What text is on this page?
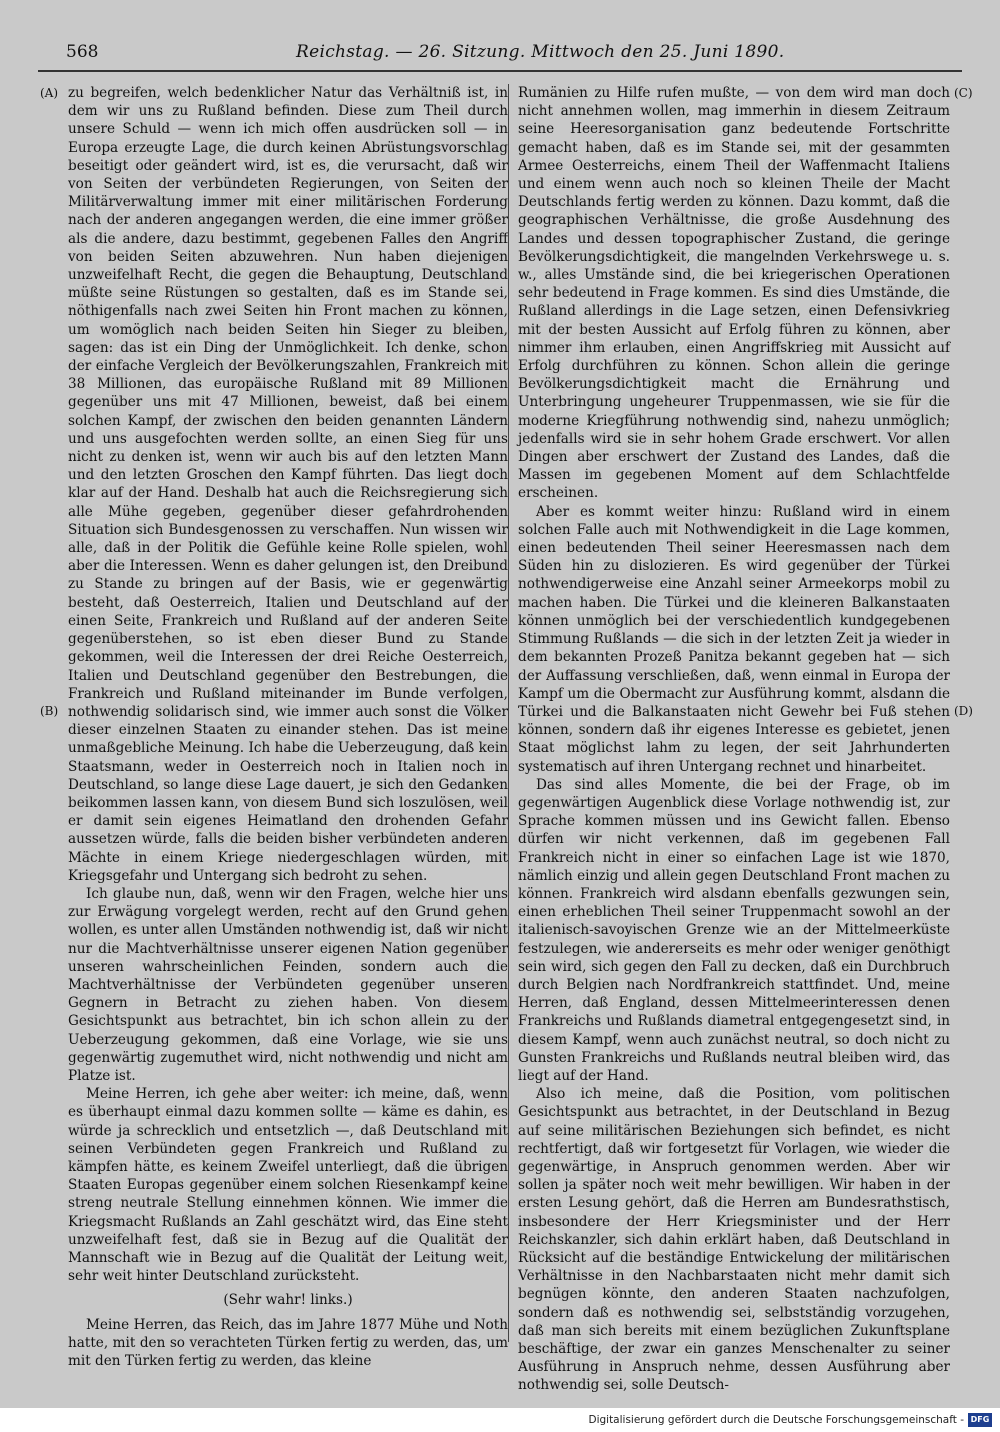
568	Reichstag. — 26. Sitzung. Mittwoch den 25. Juni 1890.
(A)
(B)
(C)
(D)

zu begreifen, welch bedenklicher Natur das Verhältniß ist, in dem wir uns zu Rußland befinden. Diese zum Theil durch unsere Schuld — wenn ich mich offen ausdrücken soll — in Europa erzeugte Lage, die durch keinen Abrüstungsvorschlag beseitigt oder geändert wird, ist es, die verursacht, daß wir von Seiten der verbündeten Regierungen, von Seiten der Militärverwaltung immer mit einer militärischen Forderung nach der anderen angegangen werden, die eine immer größer als die andere, dazu bestimmt, gegebenen Falles den Angriff von beiden Seiten abzuwehren. Nun haben diejenigen unzweifelhaft Recht, die gegen die Behauptung, Deutschland müßte seine Rüstungen so gestalten, daß es im Stande sei, nöthigenfalls nach zwei Seiten hin Front machen zu können, um womöglich nach beiden Seiten hin Sieger zu bleiben, sagen: das ist ein Ding der Unmöglichkeit. Ich denke, schon der einfache Vergleich der Bevölkerungszahlen, Frankreich mit 38 Millionen, das europäische Rußland mit 89 Millionen gegenüber uns mit 47 Millionen, beweist, daß bei einem solchen Kampf, der zwischen den beiden genannten Ländern und uns ausgefochten werden sollte, an einen Sieg für uns nicht zu denken ist, wenn wir auch bis auf den letzten Mann und den letzten Groschen den Kampf führten. Das liegt doch klar auf der Hand. Deshalb hat auch die Reichsregierung sich alle Mühe gegeben, gegenüber dieser gefahrdrohenden Situation sich Bundesgenossen zu verschaffen. Nun wissen wir alle, daß in der Politik die Gefühle keine Rolle spielen, wohl aber die Interessen. Wenn es daher gelungen ist, den Dreibund zu Stande zu bringen auf der Basis, wie er gegenwärtig besteht, daß Oesterreich, Italien und Deutschland auf der einen Seite, Frankreich und Rußland auf der anderen Seite gegenüberstehen, so ist eben dieser Bund zu Stande gekommen, weil die Interessen der drei Reiche Oesterreich, Italien und Deutschland gegenüber den Bestrebungen, die Frankreich und Rußland miteinander im Bunde verfolgen, nothwendig solidarisch sind, wie immer auch sonst die Völker dieser einzelnen Staaten zu einander stehen. Das ist meine unmaßgebliche Meinung. Ich habe die Ueberzeugung, daß kein Staatsmann, weder in Oesterreich noch in Italien noch in Deutschland, so lange diese Lage dauert, je sich den Gedanken beikommen lassen kann, von diesem Bund sich loszulösen, weil er damit sein eigenes Heimatland den drohenden Gefahr aussetzen würde, falls die beiden bisher verbündeten anderen Mächte in einem Kriege niedergeschlagen würden, mit Kriegsgefahr und Untergang sich bedroht zu sehen.

Ich glaube nun, daß, wenn wir den Fragen, welche hier uns zur Erwägung vorgelegt werden, recht auf den Grund gehen wollen, es unter allen Umständen nothwendig ist, daß wir nicht nur die Machtverhältnisse unserer eigenen Nation gegenüber unseren wahrscheinlichen Feinden, sondern auch die Machtverhältnisse der Verbündeten gegenüber unseren Gegnern in Betracht zu ziehen haben. Von diesem Gesichtspunkt aus betrachtet, bin ich schon allein zu der Ueberzeugung gekommen, daß eine Vorlage, wie sie uns gegenwärtig zugemuthet wird, nicht nothwendig und nicht am Platze ist.

Meine Herren, ich gehe aber weiter: ich meine, daß, wenn es überhaupt einmal dazu kommen sollte — käme es dahin, es würde ja schrecklich und entsetzlich —, daß Deutschland mit seinen Verbündeten gegen Frankreich und Rußland zu kämpfen hätte, es keinem Zweifel unterliegt, daß die übrigen Staaten Europas gegenüber einem solchen Riesenkampf keine streng neutrale Stellung einnehmen können. Wie immer die Kriegsmacht Rußlands an Zahl geschätzt wird, das Eine steht unzweifelhaft fest, daß sie in Bezug auf die Qualität der Mannschaft wie in Bezug auf die Qualität der Leitung weit, sehr weit hinter Deutschland zurücksteht.

(Sehr wahr! links.)

Meine Herren, das Reich, das im Jahre 1877 Mühe und Noth hatte, mit den so verachteten Türken fertig zu werden, das, um mit den Türken fertig zu werden, das kleine

Rumänien zu Hilfe rufen mußte, — von dem wird man doch nicht annehmen wollen, mag immerhin in diesem Zeitraum seine Heeresorganisation ganz bedeutende Fortschritte gemacht haben, daß es im Stande sei, mit der gesammten Armee Oesterreichs, einem Theil der Waffenmacht Italiens und einem wenn auch noch so kleinen Theile der Macht Deutschlands fertig werden zu können. Dazu kommt, daß die geographischen Verhältnisse, die große Ausdehnung des Landes und dessen topographischer Zustand, die geringe Bevölkerungsdichtigkeit, die mangelnden Verkehrswege u. s. w., alles Umstände sind, die bei kriegerischen Operationen sehr bedeutend in Frage kommen. Es sind dies Umstände, die Rußland allerdings in die Lage setzen, einen Defensivkrieg mit der besten Aussicht auf Erfolg führen zu können, aber nimmer ihm erlauben, einen Angriffskrieg mit Aussicht auf Erfolg durchführen zu können. Schon allein die geringe Bevölkerungsdichtigkeit macht die Ernährung und Unterbringung ungeheurer Truppenmassen, wie sie für die moderne Kriegführung nothwendig sind, nahezu unmöglich; jedenfalls wird sie in sehr hohem Grade erschwert. Vor allen Dingen aber erschwert der Zustand des Landes, daß die Massen im gegebenen Moment auf dem Schlachtfelde erscheinen.

Aber es kommt weiter hinzu: Rußland wird in einem solchen Falle auch mit Nothwendigkeit in die Lage kommen, einen bedeutenden Theil seiner Heeresmassen nach dem Süden hin zu dislozieren. Es wird gegenüber der Türkei nothwendigerweise eine Anzahl seiner Armeekorps mobil zu machen haben. Die Türkei und die kleineren Balkanstaaten können unmöglich bei der verschiedentlich kundgegebenen Stimmung Rußlands — die sich in der letzten Zeit ja wieder in dem bekannten Prozeß Panitza bekannt gegeben hat — sich der Auffassung verschließen, daß, wenn einmal in Europa der Kampf um die Obermacht zur Ausführung kommt, alsdann die Türkei und die Balkanstaaten nicht Gewehr bei Fuß stehen können, sondern daß ihr eigenes Interesse es gebietet, jenen Staat möglichst lahm zu legen, der seit Jahrhunderten systematisch auf ihren Untergang rechnet und hinarbeitet.

Das sind alles Momente, die bei der Frage, ob im gegenwärtigen Augenblick diese Vorlage nothwendig ist, zur Sprache kommen müssen und ins Gewicht fallen. Ebenso dürfen wir nicht verkennen, daß im gegebenen Fall Frankreich nicht in einer so einfachen Lage ist wie 1870, nämlich einzig und allein gegen Deutschland Front machen zu können. Frankreich wird alsdann ebenfalls gezwungen sein, einen erheblichen Theil seiner Truppenmacht sowohl an der italienisch-savoyischen Grenze wie an der Mittelmeerküste festzulegen, wie andererseits es mehr oder weniger genöthigt sein wird, sich gegen den Fall zu decken, daß ein Durchbruch durch Belgien nach Nordfrankreich stattfindet. Und, meine Herren, daß England, dessen Mittelmeerinteressen denen Frankreichs und Rußlands diametral entgegengesetzt sind, in diesem Kampf, wenn auch zunächst neutral, so doch nicht zu Gunsten Frankreichs und Rußlands neutral bleiben wird, das liegt auf der Hand.

Also ich meine, daß die Position, vom politischen Gesichtspunkt aus betrachtet, in der Deutschland in Bezug auf seine militärischen Beziehungen sich befindet, es nicht rechtfertigt, daß wir fortgesetzt für Vorlagen, wie wieder die gegenwärtige, in Anspruch genommen werden. Aber wir sollen ja später noch weit mehr bewilligen. Wir haben in der ersten Lesung gehört, daß die Herren am Bundesrathstisch, insbesondere der Herr Kriegsminister und der Herr Reichskanzler, sich dahin erklärt haben, daß Deutschland in Rücksicht auf die beständige Entwickelung der militärischen Verhältnisse in den Nachbarstaaten nicht mehr damit sich begnügen könnte, den anderen Staaten nachzufolgen, sondern daß es nothwendig sei, selbstständig vorzugehen, daß man sich bereits mit einem bezüglichen Zukunftsplane beschäftige, der zwar ein ganzes Menschenalter zu seiner Ausführung in Anspruch nehme, dessen Ausführung aber nothwendig sei, solle Deutsch-

Digitalisierung gefördert durch die Deutsche Forschungsgemeinschaft - DFG
